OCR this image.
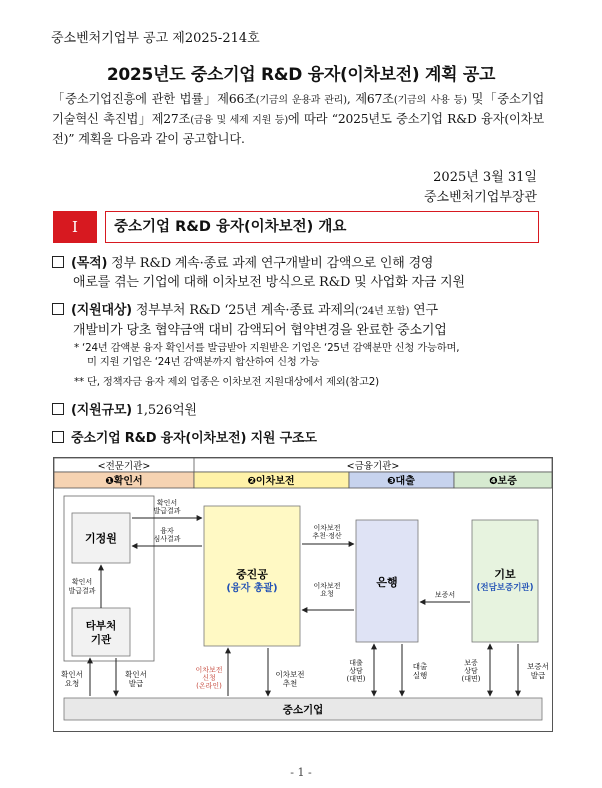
중소벤처기업부 공고 제2025-214호
2025년도 중소기업 R&D 융자(이차보전) 계획 공고
「중소기업진흥에 관한 법률」제66조(기금의 운용과 관리), 제67조(기금의 사용 등) 및「중소기업 기술혁신 촉진법」제27조(금융 및 세제 지원 등)에 따라 “2025년도 중소기업 R&D 융자(이차보전)” 계획을 다음과 같이 공고합니다.
2025년 3월 31일
중소벤처기업부장관
Ⅰ	중소기업 R&D 융자(이차보전) 개요
(목적) 정부 R&D 계속·종료 과제 연구개발비 감액으로 인해 경영

애로를 겪는 기업에 대해 이차보전 방식으로 R&D 및 사업화 자금 지원
(지원대상) 정부부처 R&D ‘25년 계속·종료 과제의(‘24년 포함) 연구

개발비가 당초 협약금액 대비 감액되어 협약변경을 완료한 중소기업
* ‘24년 감액분 융자 확인서를 발급받아 지원받은 기업은 ‘25년 감액분만 신청 가능하며,
미 지원 기업은 ‘24년 감액분까지 합산하여 신청 가능
** 단, 정책자금 융자 제외 업종은 이차보전 지원대상에서 제외(참고2)
(지원규모) 1,526억원
중소기업 R&D 융자(이차보전) 지원 구조도
<전문기관>	<금융기관>
❶확인서	❷이차보전	❸대출	❹보증
기정원
타부처
기관
확인서
발급결과
중진공
(융자 총괄)
확인서
발급결과
융자
심사결과
은행
이차보전
추천·정산
이차보전
요청
기보
(전담보증기관)
보증서
중소기업
확인서
요청
확인서
발급
이차보전
신청
(온라인)
이차보전
추천
대출
상담
(대면)
대출
실행
보증
상담
(대면)
보증서
발급
- 1 -
